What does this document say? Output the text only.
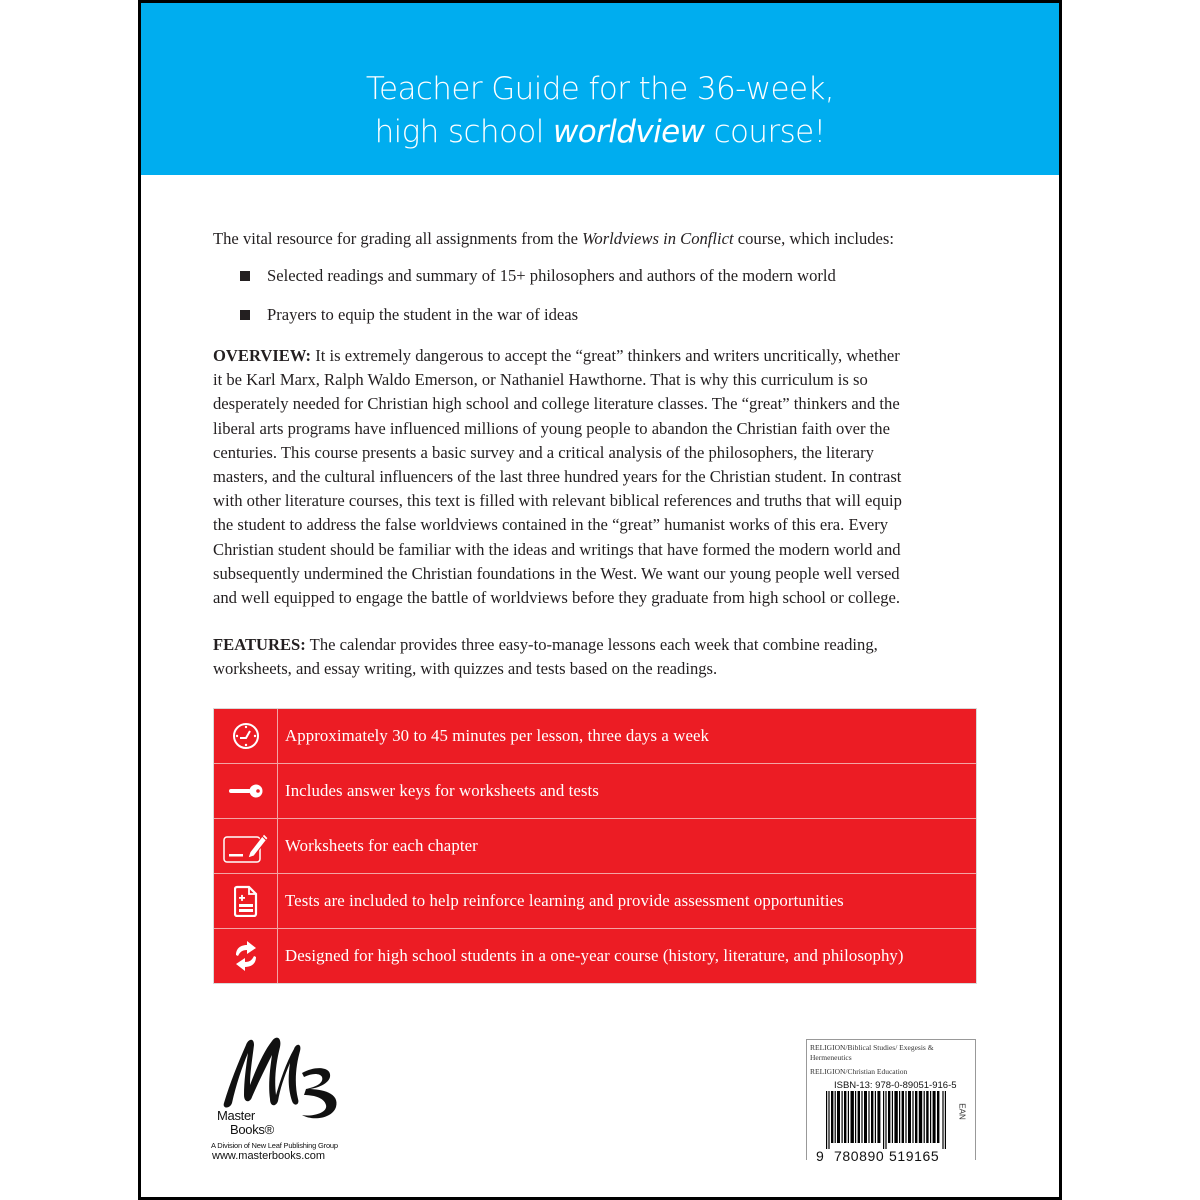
Teacher Guide for the 36-week,
high school worldview course!
The vital resource for grading all assignments from the Worldviews in Conflict course, which includes:
Selected readings and summary of 15+ philosophers and authors of the modern world
Prayers to equip the student in the war of ideas
OVERVIEW: It is extremely dangerous to accept the “great” thinkers and writers uncritically, whether
it be Karl Marx, Ralph Waldo Emerson, or Nathaniel Hawthorne. That is why this curriculum is so
desperately needed for Christian high school and college literature classes. The “great” thinkers and the
liberal arts programs have influenced millions of young people to abandon the Christian faith over the
centuries. This course presents a basic survey and a critical analysis of the philosophers, the literary
masters, and the cultural influencers of the last three hundred years for the Christian student. In contrast
with other literature courses, this text is filled with relevant biblical references and truths that will equip
the student to address the false worldviews contained in the “great” humanist works of this era. Every
Christian student should be familiar with the ideas and writings that have formed the modern world and
subsequently undermined the Christian foundations in the West. We want our young people well versed
and well equipped to engage the battle of worldviews before they graduate from high school or college.
FEATURES: The calendar provides three easy-to-manage lessons each week that combine reading,
worksheets, and essay writing, with quizzes and tests based on the readings.
Approximately 30 to 45 minutes per lesson, three days a week
Includes answer keys for worksheets and tests
Worksheets for each chapter
Tests are included to help reinforce learning and provide assessment opportunities
Designed for high school students in a one-year course (history, literature, and philosophy)
Master
Books®
A Division of New Leaf Publishing Group
www.masterbooks.com
RELIGION/Biblical Studies/ Exegesis & Hermeneutics
RELIGION/Christian Education
ISBN-13: 978-0-89051-916-5
EAN
9 780890 519165
